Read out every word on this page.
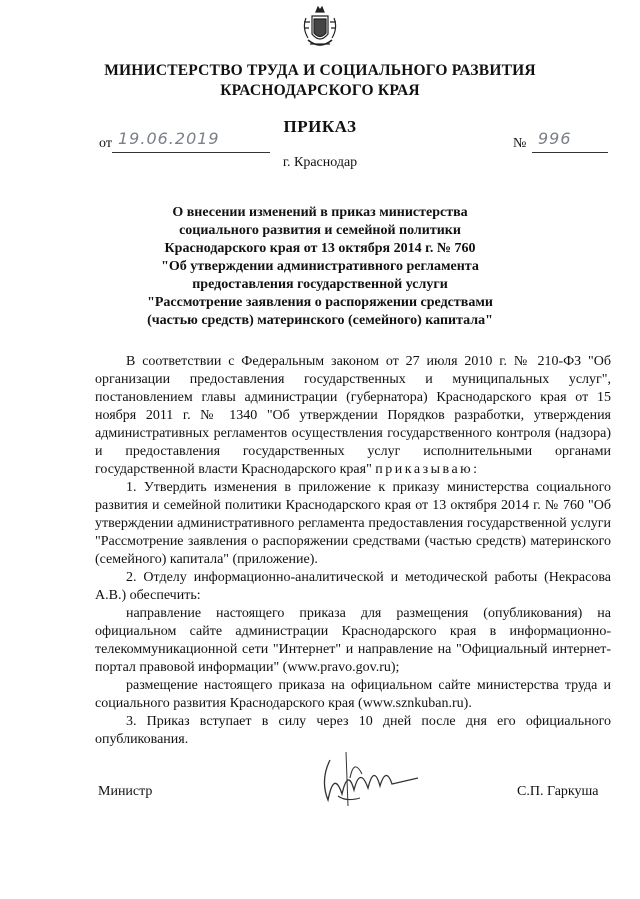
МИНИСТЕРСТВО ТРУДА И СОЦИАЛЬНОГО РАЗВИТИЯ
КРАСНОДАРСКОГО КРАЯ
ПРИКАЗ
от 19.06.2019	№ 996
г. Краснодар
О внесении изменений в приказ министерства
социального развития и семейной политики
Краснодарского края от 13 октября 2014 г. № 760
"Об утверждении административного регламента
предоставления государственной услуги
"Рассмотрение заявления о распоряжении средствами
(частью средств) материнского (семейного) капитала"

В соответствии с Федеральным законом от 27 июля 2010 г. № 210-ФЗ "Об организации предоставления государственных и муниципальных услуг", постановлением главы администрации (губернатора) Краснодарского края от 15 ноября 2011 г. № 1340 "Об утверждении Порядков разработки, утверждения административных регламентов осуществления государственного контроля (надзора) и предоставления государственных услуг исполнительными органами государственной власти Краснодарского края" приказываю:

1. Утвердить изменения в приложение к приказу министерства социального развития и семейной политики Краснодарского края от 13 октября 2014 г. № 760 "Об утверждении административного регламента предоставления государственной услуги "Рассмотрение заявления о распоряжении средствами (частью средств) материнского (семейного) капитала" (приложение).

2. Отделу информационно-аналитической и методической работы (Некрасова А.В.) обеспечить:

направление настоящего приказа для размещения (опубликования) на официальном сайте администрации Краснодарского края в информационно-телекоммуникационной сети "Интернет" и направление на "Официальный интернет-портал правовой информации" (www.pravo.gov.ru);

размещение настоящего приказа на официальном сайте министерства труда и социального развития Краснодарского края (www.sznkuban.ru).

3. Приказ вступает в силу через 10 дней после дня его официального опубликования.

Министр	С.П. Гаркуша
